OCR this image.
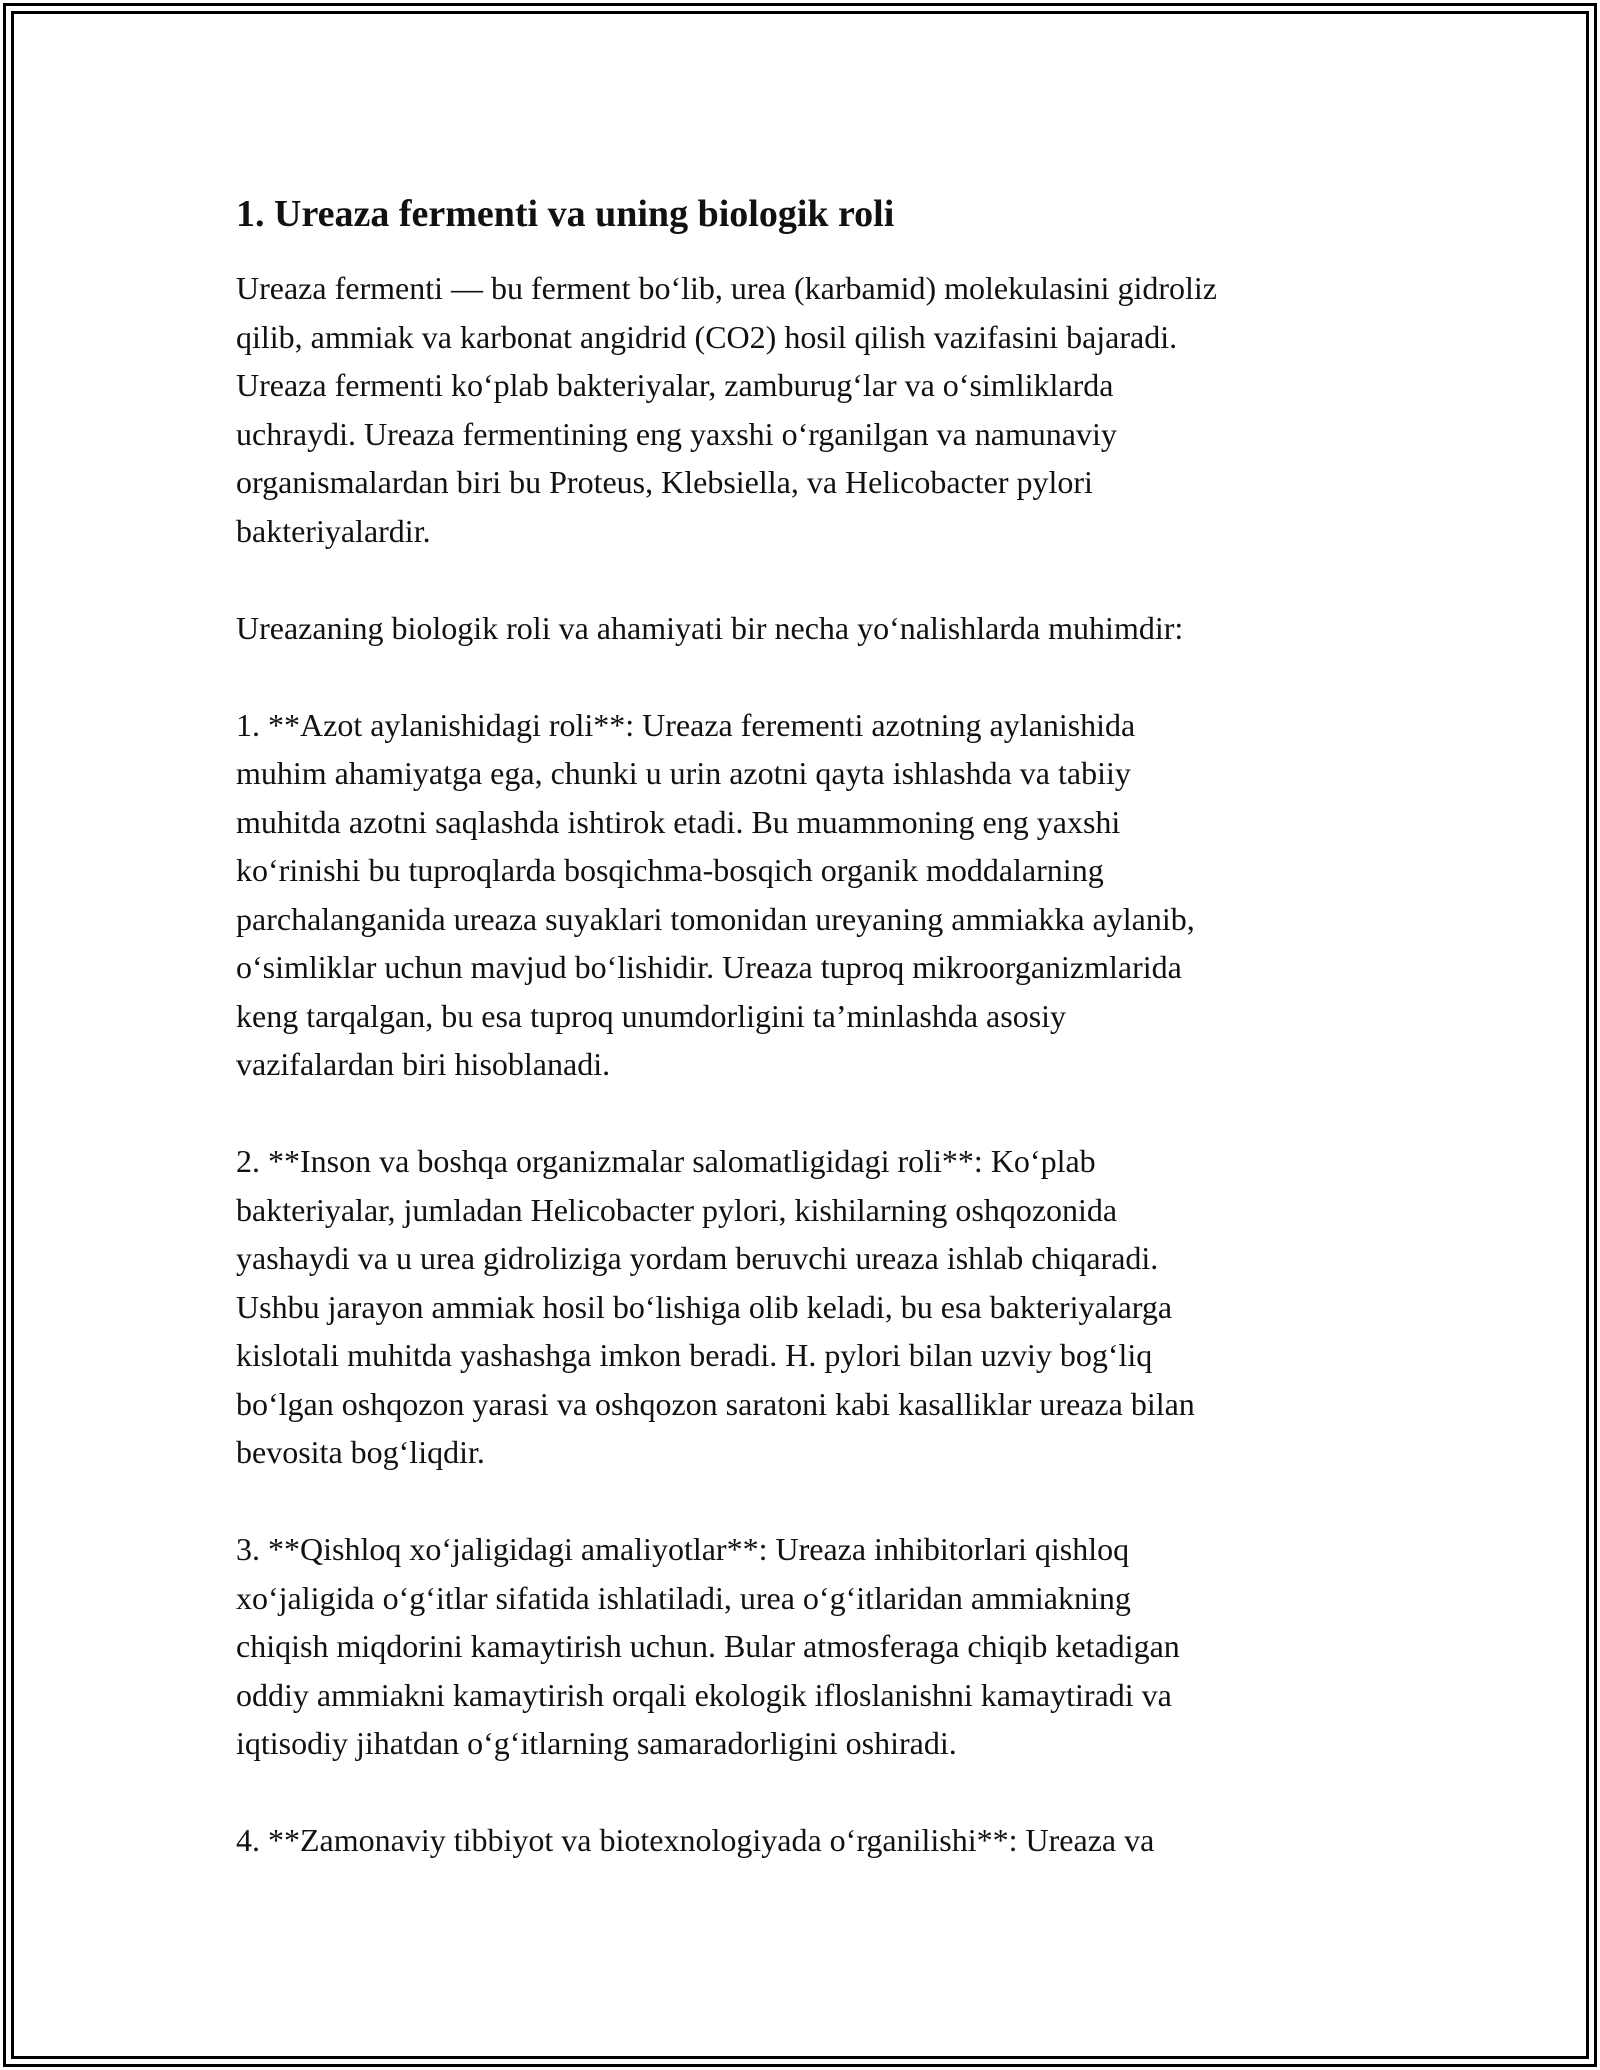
1. Ureaza fermenti va uning biologik roli

Ureaza fermenti — bu ferment bo‘lib, urea (karbamid) molekulasini gidroliz
qilib, ammiak va karbonat angidrid (CO2) hosil qilish vazifasini bajaradi.
Ureaza fermenti ko‘plab bakteriyalar, zamburug‘lar va o‘simliklarda
uchraydi. Ureaza fermentining eng yaxshi o‘rganilgan va namunaviy
organismalardan biri bu Proteus, Klebsiella, va Helicobacter pylori
bakteriyalardir.

Ureazaning biologik roli va ahamiyati bir necha yo‘nalishlarda muhimdir:

1. **Azot aylanishidagi roli**: Ureaza ferementi azotning aylanishida
muhim ahamiyatga ega, chunki u urin azotni qayta ishlashda va tabiiy
muhitda azotni saqlashda ishtirok etadi. Bu muammoning eng yaxshi
ko‘rinishi bu tuproqlarda bosqichma-bosqich organik moddalarning
parchalanganida ureaza suyaklari tomonidan ureyaning ammiakka aylanib,
o‘simliklar uchun mavjud bo‘lishidir. Ureaza tuproq mikroorganizmlarida
keng tarqalgan, bu esa tuproq unumdorligini ta’minlashda asosiy
vazifalardan biri hisoblanadi.

2. **Inson va boshqa organizmalar salomatligidagi roli**: Ko‘plab
bakteriyalar, jumladan Helicobacter pylori, kishilarning oshqozonida
yashaydi va u urea gidroliziga yordam beruvchi ureaza ishlab chiqaradi.
Ushbu jarayon ammiak hosil bo‘lishiga olib keladi, bu esa bakteriyalarga
kislotali muhitda yashashga imkon beradi. H. pylori bilan uzviy bog‘liq
bo‘lgan oshqozon yarasi va oshqozon saratoni kabi kasalliklar ureaza bilan
bevosita bog‘liqdir.

3. **Qishloq xo‘jaligidagi amaliyotlar**: Ureaza inhibitorlari qishloq
xo‘jaligida o‘g‘itlar sifatida ishlatiladi, urea o‘g‘itlaridan ammiakning
chiqish miqdorini kamaytirish uchun. Bular atmosferaga chiqib ketadigan
oddiy ammiakni kamaytirish orqali ekologik ifloslanishni kamaytiradi va
iqtisodiy jihatdan o‘g‘itlarning samaradorligini oshiradi.

4. **Zamonaviy tibbiyot va biotexnologiyada o‘rganilishi**: Ureaza va
